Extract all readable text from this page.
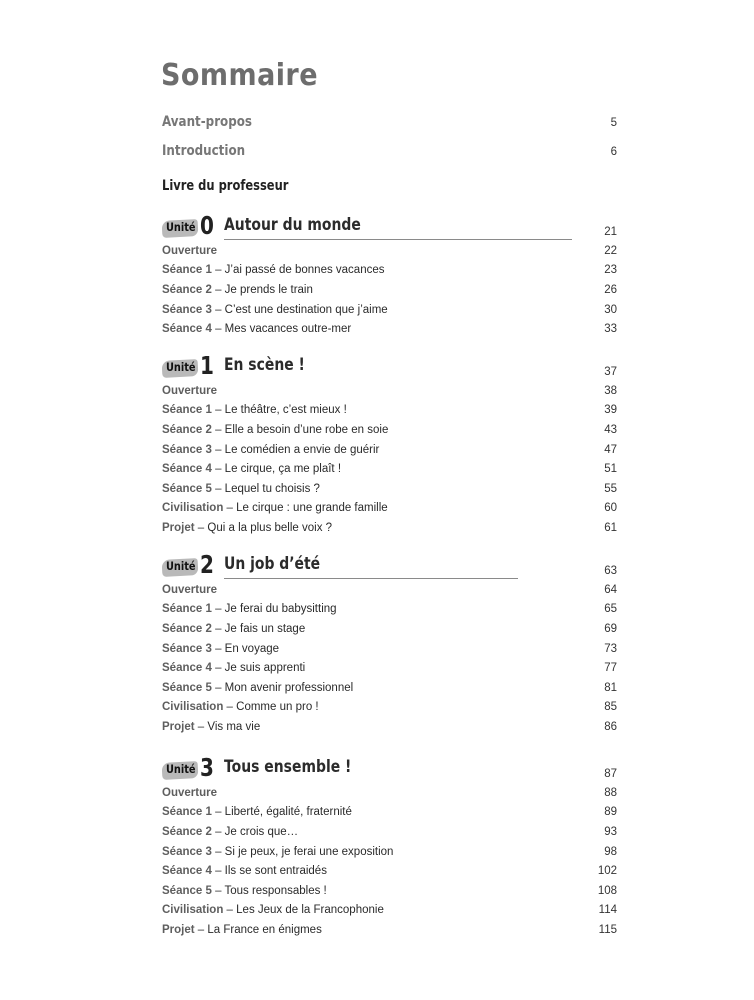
Sommaire
Avant-propos	5
Introduction	6
Livre du professeur
Unité 0 Autour du monde	21
Ouverture	22
Séance 1 – J’ai passé de bonnes vacances	23
Séance 2 – Je prends le train	26
Séance 3 – C’est une destination que j’aime	30
Séance 4 – Mes vacances outre-mer	33
Unité 1 En scène !	37
Ouverture	38
Séance 1 – Le théâtre, c’est mieux !	39
Séance 2 – Elle a besoin d’une robe en soie	43
Séance 3 – Le comédien a envie de guérir	47
Séance 4 – Le cirque, ça me plaît !	51
Séance 5 – Lequel tu choisis ?	55
Civilisation – Le cirque : une grande famille	60
Projet – Qui a la plus belle voix ?	61
Unité 2 Un job d’été	63
Ouverture	64
Séance 1 – Je ferai du babysitting	65
Séance 2 – Je fais un stage	69
Séance 3 – En voyage	73
Séance 4 – Je suis apprenti	77
Séance 5 – Mon avenir professionnel	81
Civilisation – Comme un pro !	85
Projet – Vis ma vie	86
Unité 3 Tous ensemble !	87
Ouverture	88
Séance 1 – Liberté, égalité, fraternité	89
Séance 2 – Je crois que…	93
Séance 3 – Si je peux, je ferai une exposition	98
Séance 4 – Ils se sont entraidés	102
Séance 5 – Tous responsables !	108
Civilisation – Les Jeux de la Francophonie	114
Projet – La France en énigmes	115
